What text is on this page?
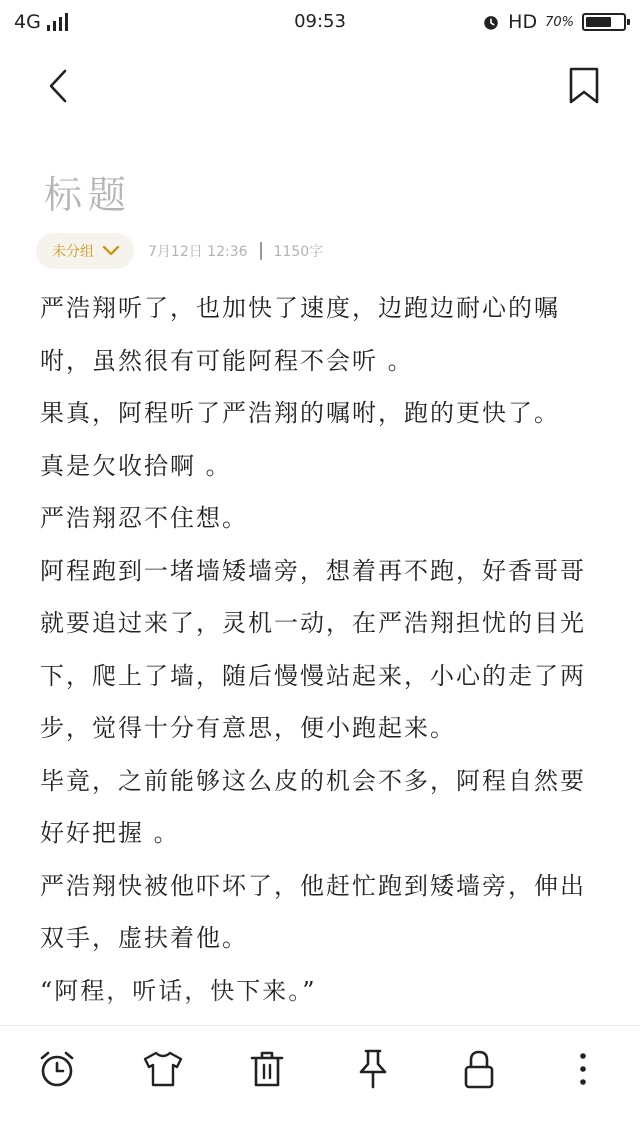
4G	09:53	HD 70%
标题
未分组	7月12日 12:36 1150字

严浩翔听了，也加快了速度，边跑边耐心的嘱咐，虽然很有可能阿程不会听 。

果真，阿程听了严浩翔的嘱咐，跑的更快了。

真是欠收拾啊 。

严浩翔忍不住想。

阿程跑到一堵墙矮墙旁，想着再不跑，好香哥哥就要追过来了，灵机一动，在严浩翔担忧的目光下，爬上了墙，随后慢慢站起来，小心的走了两步，觉得十分有意思，便小跑起来。

毕竟，之前能够这么皮的机会不多，阿程自然要好好把握 。

严浩翔快被他吓坏了，他赶忙跑到矮墙旁，伸出双手，虚扶着他。

“阿程，听话，快下来。”
